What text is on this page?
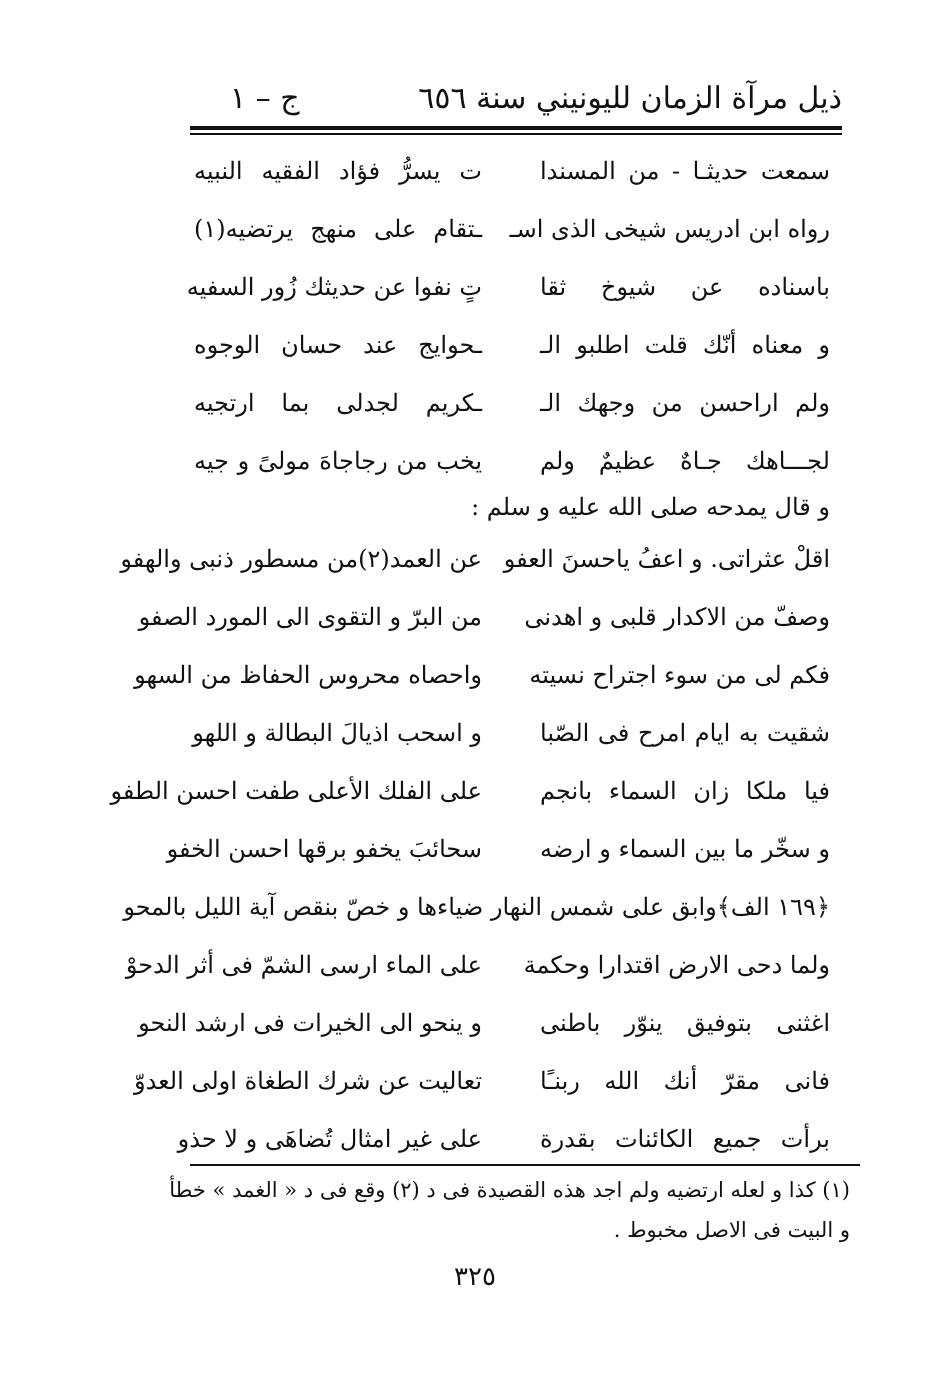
ذيل مرآة الزمان لليونيني سنة ٦٥٦
ج – ١
سمعت حديثـا - من المسندا
ت يسرُّ فؤاد الفقيه النبيه
رواه ابن ادريس شيخى الذى اسـ
ـتقام على منهج يرتضيه(١)
باسناده عن شيوخ ثقا
تٍ نفوا عن حديثك زُور السفيه
و معناه أنّك قلت اطلبو الـ
ـحوايج عند حسان الوجوه
ولم اراحسن من وجهك الـ
ـكريم لجدلى بما ارتجيه
لجـــاهك جـاهٌ عظيمٌ ولم
يخب من رجاجاهَ مولىً و جيه
و قال يمدحه صلى الله عليه و سلم :
اقلْ عثراتى. و اعفُ ياحسنَ العفو
عن العمد(٢)من مسطور ذنبى والهفو
وصفّ من الاكدار قلبى و اهدنى
من البرّ و التقوى الى المورد الصفو
فكم لى من سوء اجتراح نسيته
واحصاه محروس الحفاظ من السهو
شقيت به ايام امرح فى الصّبا
و اسحب اذيالَ البطالة و اللهو
فيا ملكا زان السماء بانجم
على الفلك الأعلى طفت احسن الطفو
و سخّر ما بين السماء و ارضه
سحائبَ يخفو برقها احسن الخفو
﴿١٦٩ الف﴾وابق على شمس النهار ضياءها و خصّ بنقص آية الليل بالمحو
ولما دحى الارض اقتدارا وحكمة
على الماء ارسى الشمّ فى أثر الدحوْ
اغثنى بتوفيق ينوّر باطنى
و ينحو الى الخيرات فى ارشد النحو
فانى مقرّ أنك الله ربنـًا
تعاليت عن شرك الطغاة اولى العدوّ
برأت جميع الكائنات بقدرة
على غير امثال تُضاهَى و لا حذو
(١) كذا و لعله ارتضيه ولم اجد هذه القصيدة فى د (٢) وقع فى د « الغمد » خطأ
و البيت فى الاصل مخبوط .
٣٢٥
